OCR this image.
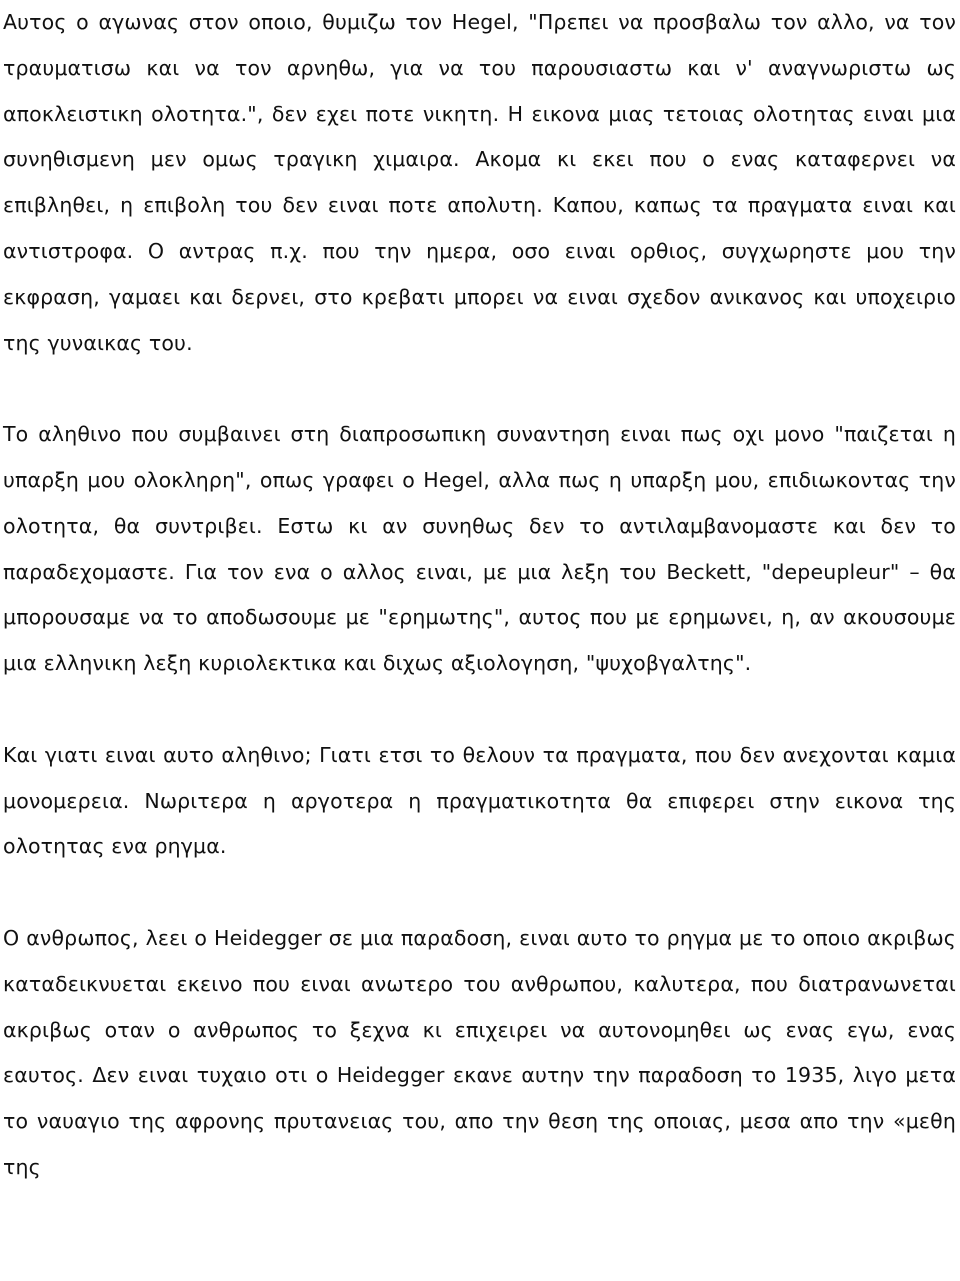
Αυτος ο αγωνας στον οποιο, θυμιζω τον Hegel, "Πρεπει να προσβαλω τον αλλο, να τον τραυματισω και να τον αρνηθω, για να του παρουσιαστω και ν' αναγνωριστω ως αποκλειστικη ολοτητα.", δεν εχει ποτε νικητη. Η εικονα μιας τετοιας ολοτητας ειναι μια συνηθισμενη μεν ομως τραγικη χιμαιρα. Ακομα κι εκει που ο ενας καταφερνει να επιβληθει, η επιβολη του δεν ειναι ποτε απολυτη. Καπου, καπως τα πραγματα ειναι και αντιστροφα. Ο αντρας π.χ. που την ημερα, οσο ειναι ορθιος, συγχωρηστε μου την εκφραση, γαμαει και δερνει, στο κρεβατι μπορει να ειναι σχεδον ανικανος και υποχειριο της γυναικας του.

Το αληθινο που συμβαινει στη διαπροσωπικη συναντηση ειναι πως οχι μονο "παιζεται η υπαρξη μου ολοκληρη", οπως γραφει ο Hegel, αλλα πως η υπαρξη μου, επιδιωκοντας την ολοτητα, θα συντριβει. Εστω κι αν συνηθως δεν το αντιλαμβανομαστε και δεν το παραδεχομαστε. Για τον ενα ο αλλος ειναι, με μια λεξη του Beckett, "depeupleur" – θα μπορουσαμε να το αποδωσουμε με "ερημωτης", αυτος που με ερημωνει, η, αν ακουσουμε μια ελληνικη λεξη κυριολεκτικα και διχως αξιολογηση, "ψυχοβγαλτης".

Και γιατι ειναι αυτο αληθινο; Γιατι ετσι το θελουν τα πραγματα, που δεν ανεχονται καμια μονομερεια. Νωριτερα η αργοτερα η πραγματικοτητα θα επιφερει στην εικονα της ολοτητας ενα ρηγμα.

Ο ανθρωπος, λεει ο Heidegger σε μια παραδοση, ειναι αυτο το ρηγμα με το οποιο ακριβως καταδεικνυεται εκεινο που ειναι ανωτερο του ανθρωπου, καλυτερα, που διατρανωνεται ακριβως οταν ο ανθρωπος το ξεχνα κι επιχειρει να αυτονομηθει ως ενας εγω, ενας εαυτος. Δεν ειναι τυχαιο οτι ο Heidegger εκανε αυτην την παραδοση το 1935, λιγο μετα το ναυαγιο της αφρονης πρυτανειας του, απο την θεση της οποιας, μεσα απο την «μεθη της
